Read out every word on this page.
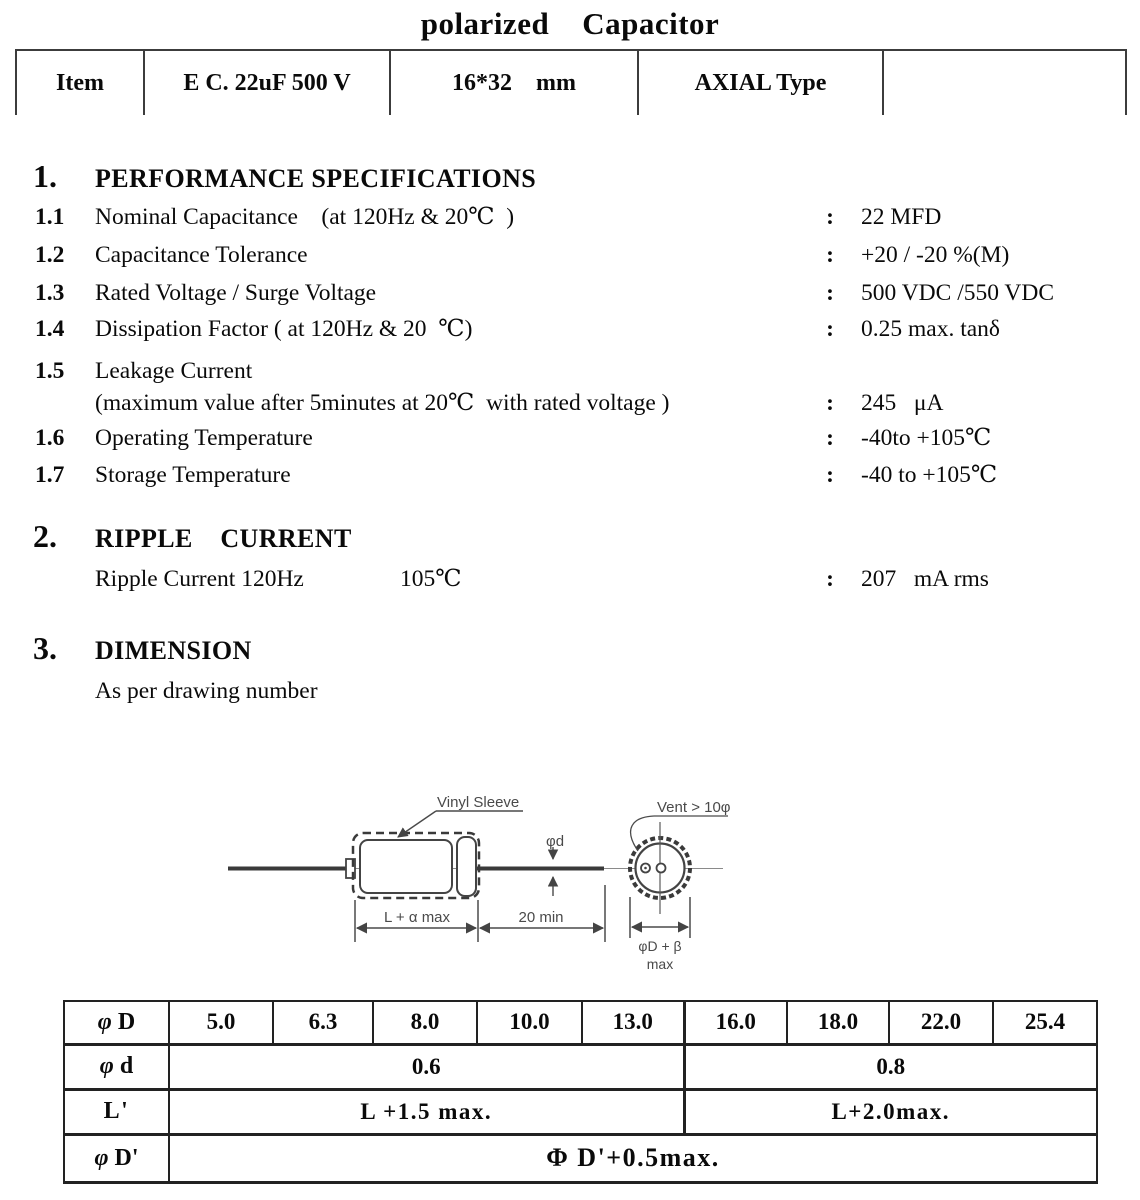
polarized    Capacitor
Item	E C. 22uF 500 V	16*32    mm	AXIAL Type
1.	PERFORMANCE SPECIFICATIONS
1.1	Nominal Capacitance    (at 120Hz & 20℃  )	:	22 MFD
1.2	Capacitance Tolerance	:	+20 / -20 %(M)
1.3	Rated Voltage / Surge Voltage	:	500 VDC /550 VDC
1.4	Dissipation Factor ( at 120Hz & 20  ℃)	:	0.25 max. tanδ
1.5	Leakage Current
(maximum value after 5minutes at 20℃  with rated voltage )	:	245   μA
1.6	Operating Temperature	:	-40to +105℃
1.7	Storage Temperature	:	-40 to +105℃
2.	RIPPLE    CURRENT
Ripple Current 120Hz	105℃	:	207   mA rms
3.	DIMENSION
As per drawing number
Vinyl Sleeve
φd
L + α max	20 min
Vent > 10φ
φD + β
max
φ D	5.0	6.3	8.0	10.0	13.0	16.0	18.0	22.0	25.4
φ d	0.6					0.8			
L'	L +1.5 max.					L+2.0max.			
φ D'	Φ D'+0.5max.								
